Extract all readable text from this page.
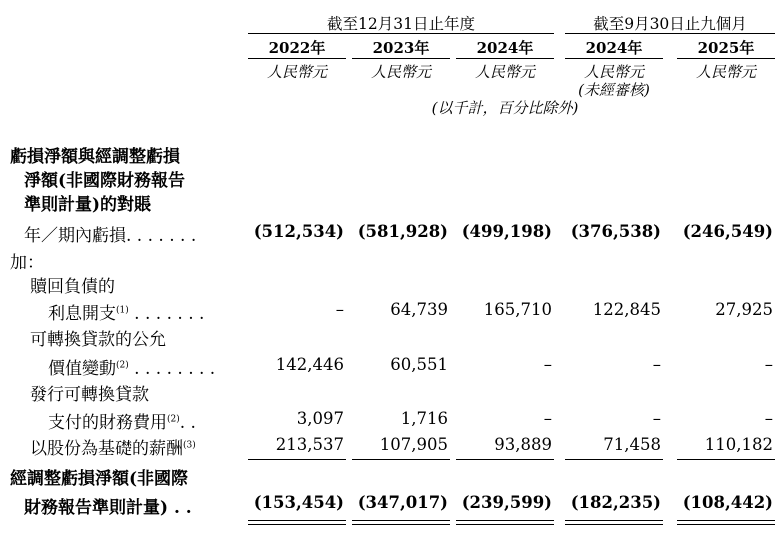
截至12月31日止年度	截至9月30日止九個月
2022年	2023年	2024年	2024年	2025年
人民幣元	人民幣元	人民幣元	人民幣元	人民幣元
(未經審核)
(以千計，百分比除外)
虧損淨額與經調整虧損
淨額(非國際財務報告
準則計量)的對賬
年／期內虧損. . . . . . .	(512,534) (581,928) (499,198)	(376,538)	(246,549)
加：
贖回負債的
利息開支$^{(1)}$ . . . . . . .	–	64,739	165,710	122,845	27,925
可轉換貸款的公允
價值變動$^{(2)}$ . . . . . . . .	142,446	60,551	–	–	–
發行可轉換貸款
支付的財務費用$^{(2)}$. .	3,097	1,716	–	–	–
以股份為基礎的薪酬$^{(3)}$	213,537	107,905	93,889	71,458	110,182
經調整虧損淨額(非國際
財務報告準則計量) . .	(153,454) (347,017) (239,599)	(182,235)	(108,442)
